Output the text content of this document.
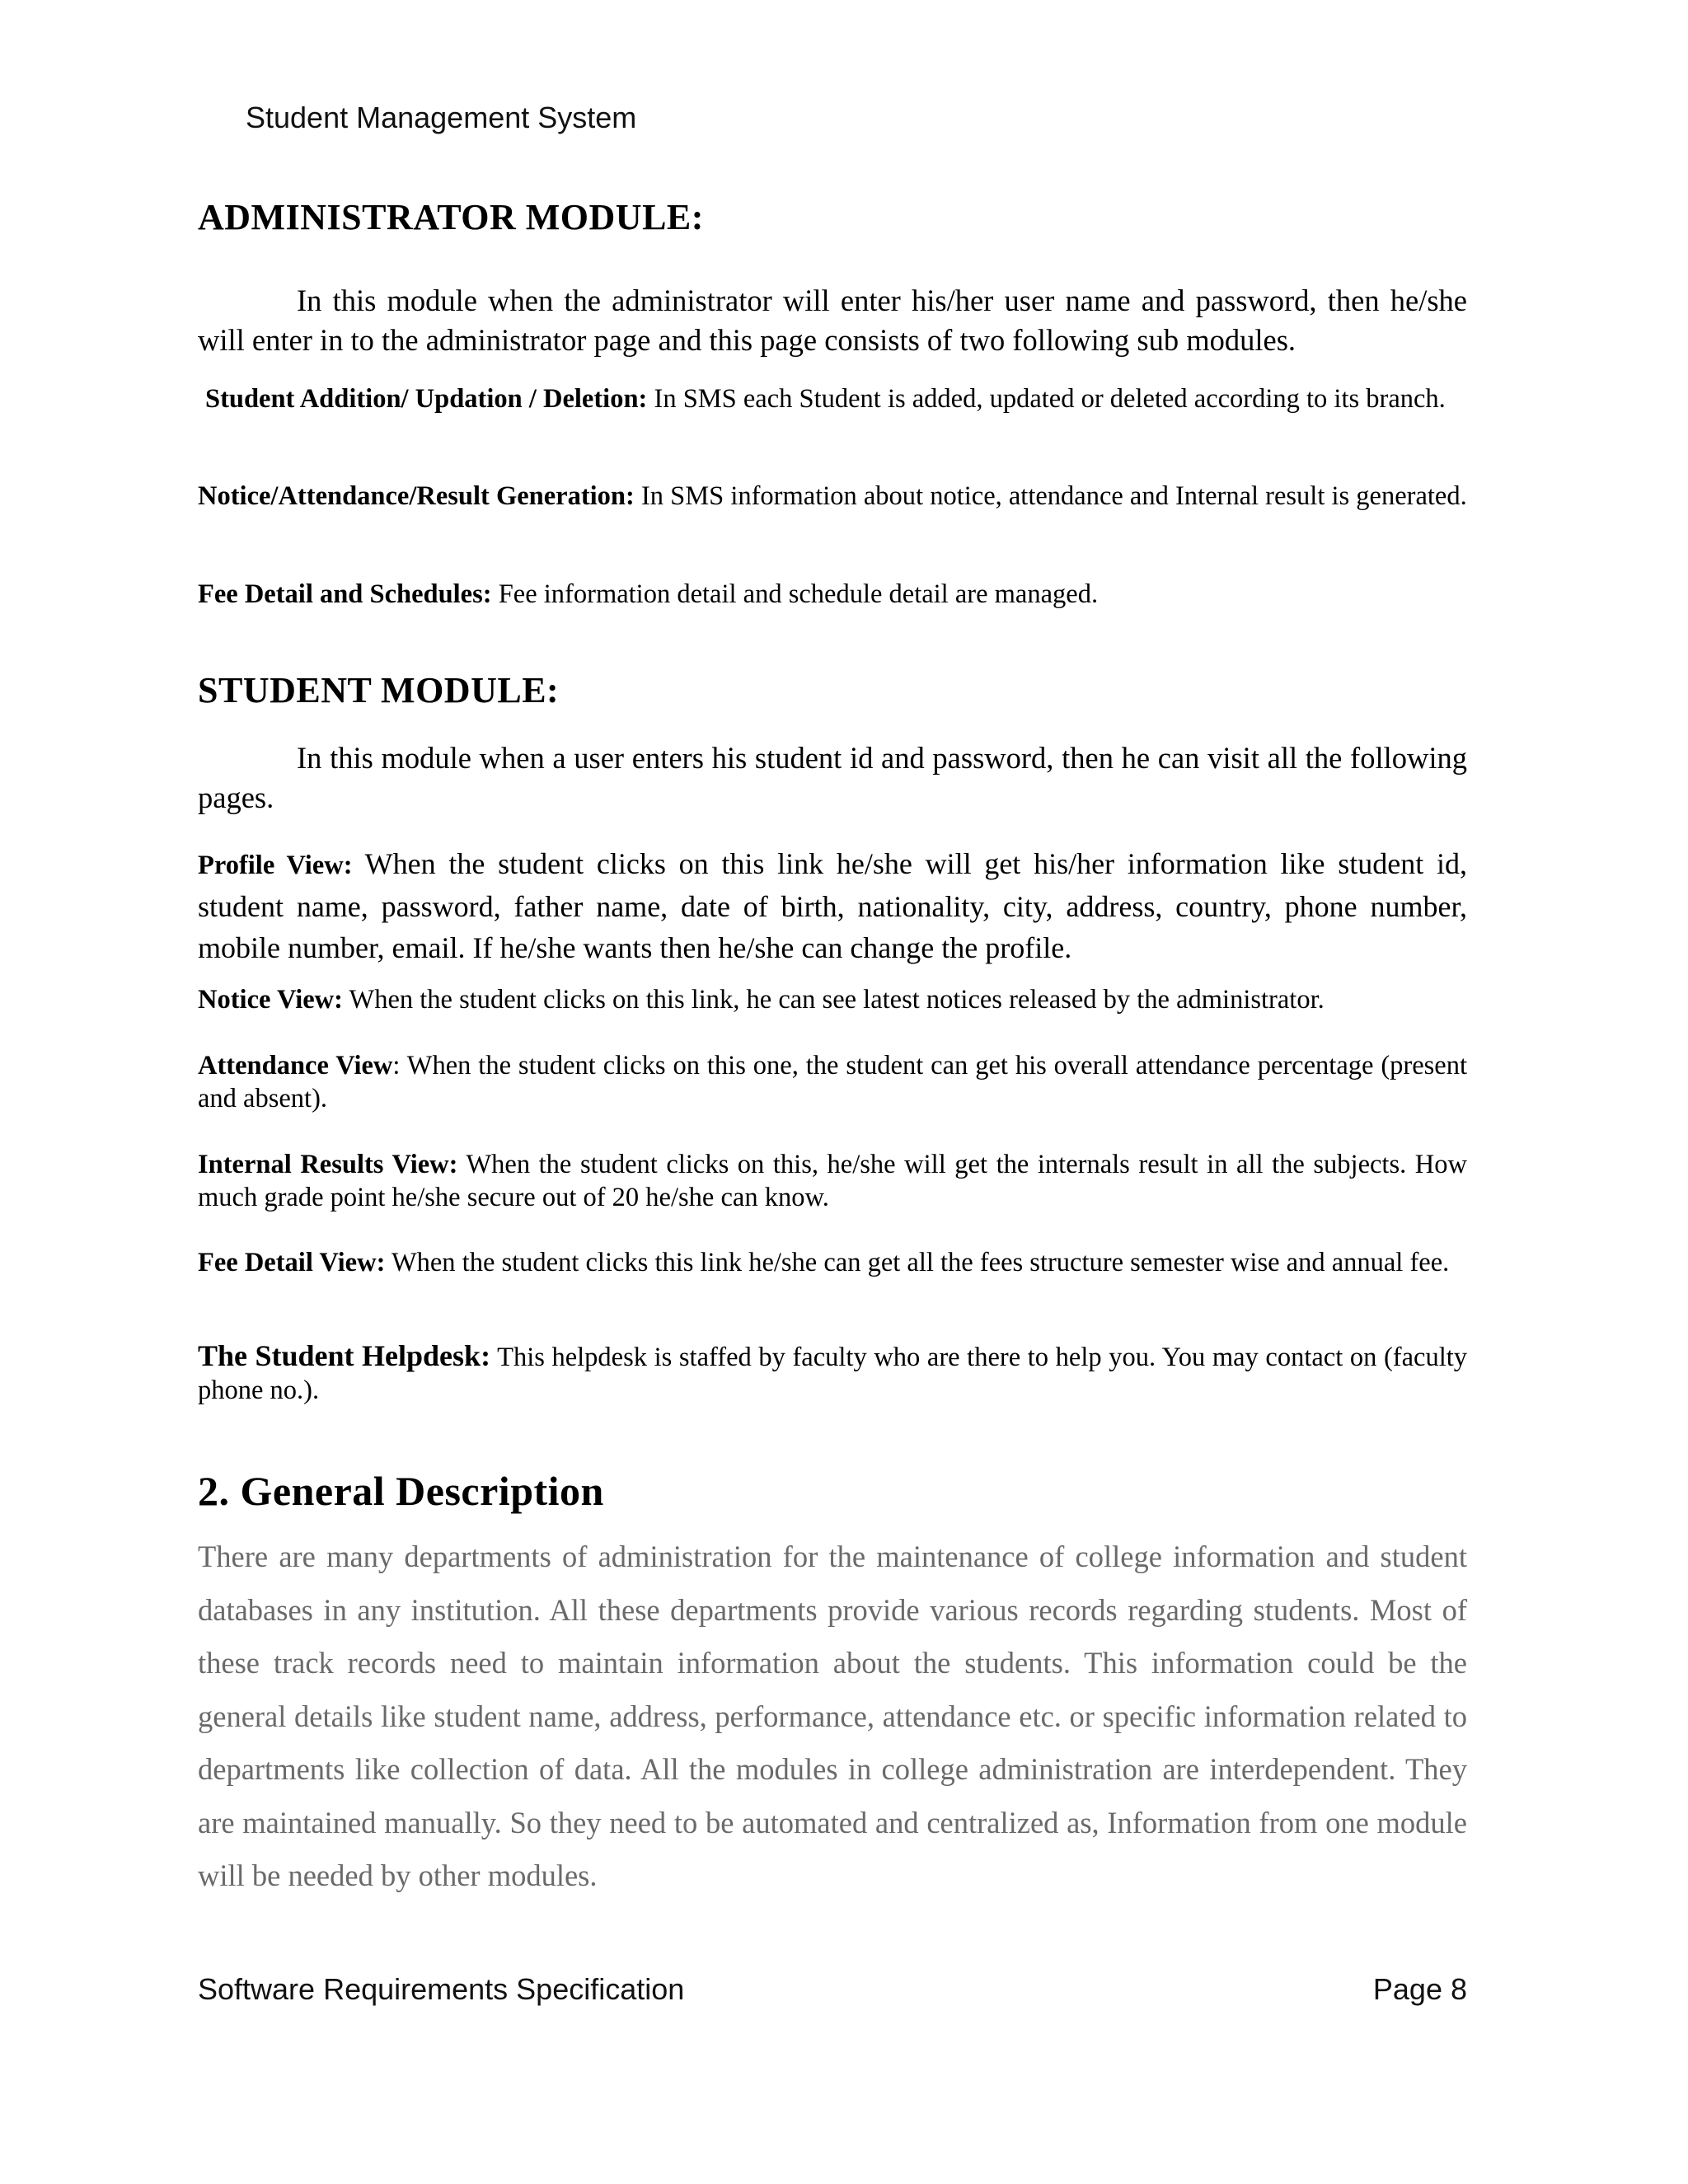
Student Management System
ADMINISTRATOR MODULE:

In this module when the administrator will enter his/her user name and password, then he/she will enter in to the administrator page and this page consists of two following sub modules.

Student Addition/ Updation / Deletion: In SMS each Student is added, updated or deleted according to its branch.

Notice/Attendance/Result Generation: In SMS information about notice, attendance and Internal result is generated.

Fee Detail and Schedules: Fee information detail and schedule detail are managed.

STUDENT MODULE:

In this module when a user enters his student id and password, then he can visit all the following pages.

Profile View: When the student clicks on this link he/she will get his/her information like student id, student name, password, father name, date of birth, nationality, city, address, country, phone number, mobile number, email. If he/she wants then he/she can change the profile.

Notice View: When the student clicks on this link, he can see latest notices released by the administrator.

Attendance View: When the student clicks on this one, the student can get his overall attendance percentage (present and absent).

Internal Results View: When the student clicks on this, he/she will get the internals result in all the subjects. How much grade point he/she secure out of 20 he/she can know.

Fee Detail View: When the student clicks this link he/she can get all the fees structure semester wise and annual fee.

The Student Helpdesk: This helpdesk is staffed by faculty who are there to help you. You may contact on (faculty phone no.).

2. General Description

There are many departments of administration for the maintenance of college information and student databases in any institution. All these departments provide various records regarding students. Most of these track records need to maintain information about the students. This information could be the general details like student name, address, performance, attendance etc. or specific information related to departments like collection of data. All the modules in college administration are interdependent. They are maintained manually. So they need to be automated and centralized as, Information from one module will be needed by other modules.

Software Requirements Specification	Page 8
